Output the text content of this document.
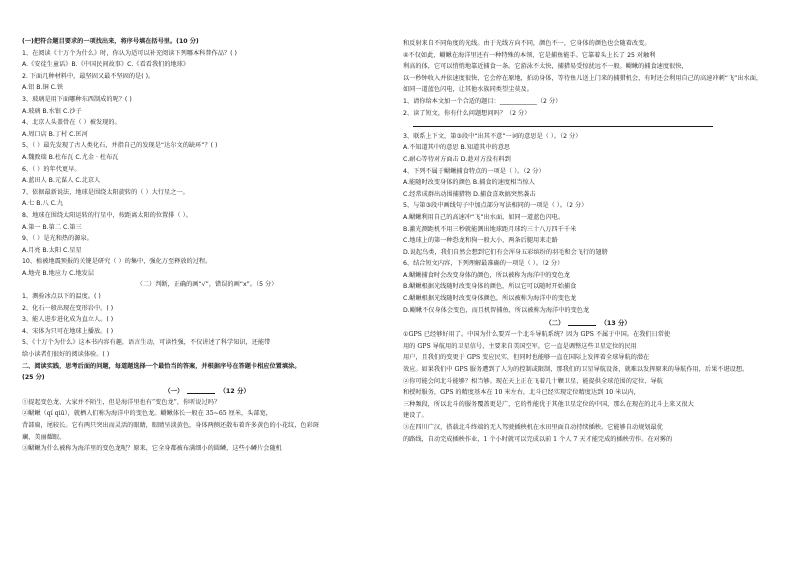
(一)把符合题目要求的一项找出来，将序号填在括号里。(10 分)
1、在阅读《十万个为什么》时，你认为适可以补充阅读下列哪本科普作品？( )
A.《安徒生童话》B.《中国民间故事》C.《看看我们的地球》
2. 下面几种材料中，最坚固又最不坚固的是( )。
A.铝 B.铜 C.铁
3、玻璃是用下面哪种东西制成的呢？( )
A.玻璃 B.水银 C.沙子
4、北京人头盖骨在（ ）被发现的。
A.周口店 B.丁村 C.匡河
5、（ ）最先发现了古人类化石，并指自己的发现是“达尔文的缺环”？( )
A.魏敦瑞 B.杜布瓦 C.尤金 · 杜布瓦
6、（ ）的年代更早。
A.蓝田人 B.元谋人 C.北京人
7、依据最新说法，地球是围绕太阳旋转的（ ）大行星之一。
A.七 B.八 C.九
8、地球在围绕太阳运转的行星中，按距离太阳的位置排（ ）。
A.第一 B.第二 C.第三
9、（ ）是光和热的源泉。
A.月亮 B.太阳 C.星星
10、植被地震预报的关键是研究（ ）的集中，强化万至释放的过程。
A.地壳 B.地应力 C.地发层
（二）判断，正确的画“√”，错误的画“x”。（5 分）
1、测验冰点以下的温度。( )
2、化石一般出现在变形岩中。( )
3、能人进步进化成为直立人。( )
4、宋体为只可在地球上播放。( )
5、《十万个为什么》这本书内容有趣，语言生动，可读性强，不仅讲述了科学知识，还能带
给小读者们很好的阅读体验。( )
二、阅读实践，思考后面的问题，每道题选择一个最恰当的答案，并根据序号在答题卡相应位置填涂。
(25 分)
（一）	（12 分）
①提起变色龙，大家并不陌生，但是海洋里也有“变色龙”，你听说过吗？
②鳚鳅（qí qiū），就栖人们称为海洋中的变色龙。鳚鳅体长一般在 35~65 厘米，头部宽，
背部扁，尾较长。它有两只突出而灵活的眼睛，眼睛呈淡黄色，身体两侧还散布着许多黄色的小花纹，色彩斑
斓，美丽耀眼。
③鳚鳅为什么被称为海洋里的变色龙呢？原来，它全身都被布满细小的圆鳞，这些小鳞片会随机
和反射来自不同角度的光线。由于光线方向不同，颜色不一，它身体的颜色也会随着改变。
④不仅如此，鳚鳅在海洋里还有一种特殊的本领，它是捕鱼能手。它靠着头上长了 25 对触利
利高的体，它可以悄悄地靠近捕食一条。它游泳不太快，捕猎易受惊扰远不一般。鳚鳅的捕食速度很快，
以一秒钟收入并依速度很快，它会停在原地，拍动身体，等待鱼儿送上门来的捕猎机会，有时还会利用自己的高速冲刺“飞”出水面，
如同一道蓝色闪电，让其他水族同类望尘莫及。
1、请你给本文加一个合适的题目：____________（2 分）
2、读了短文，你有什么问题想问吗？（2 分）
3、联系上下文，第③段中“出其不意”一词的意思是（ ）。（2 分）
A.不知道其中的意思 B.知道其中的意思
C.耐心等待对方面击 D.趁对方没有料到
4、下列不属于鳚鳅捕食特点的一项是（ ）。（2 分）
A.能随时改变身体的颜色 B.捕食的速度相当惊人
C.经常成群出动围捕猎物 D.捕食喜欢搞突然袭击
5、与第③段中画线句子中加点部分写法相同的一项是（ ）。（2 分）
A.鳚鳅利用自己的高速冲“飞”出水面，如同一道蓝色闪电。
B.激光测距机不用三秒就能测出地球距月球约三十八万四千千米
C.地球上的第一种恐龙和狗一般大小，两条后腿用来走路
D.说起鸟类，我们自然会想到它们有会浑身五彩缤纷的羽毛和会飞行的翅膀
6、结合短文内容，下列理解最准确的一项是（ ）。（2 分）
A.鳚鳅捕食时会改变身体的颜色，所以被称为海洋中的变色龙
B.鳚鳅根据光线随时改变身体的颜色，所以它可以随时开始捕食
C.鳚鳅根据光线随时改变身体颜色，所以被称为海洋中的变色龙
D.鳚鳅不仅身体会变色，而且机智捕鱼，所以被称为海洋中的变色龙
（二）	（13 分）
①GPS 已经够好用了。中国为什么要弄一个北斗导航系统？因为 GPS 不属于中国。在我们日常使
用的 GPS 导航用的卫星信号，主要来自美国空军，它一直是调整这些卫星定位的民用
用户，且我们的变更于 GPS 变应民实，但同时也能够一直在国际上发挥着全球导航的潜在
效应。如果我们中 GPS 服务遭到了人为的控制或限制，那我们的卫星导航设备，就难以发挥原来的导航作用，后果不堪设想。
②你可能会问北斗能够？相当够。现在天上正在飞着几十颗卫星，能提供全球范围的定位、导航
和授时服务，GPS 的精度基本在 10 米左右，北斗已经实现定位精度达到 10 米以内，
三种频段，所以北斗的服务覆盖更是广，它的性能优于其他卫星定位的中国，那么在现在的北斗上来又很大
建设了。
③在四川广汉，搭载北斗终端的无人驾驶插秧机在水田里面自动持续插秧。它能够自动规划最优
的路线，自动完成插秧作业，1 个小时就可以完成以前 1 个人 7 天才能完成的插秧劳作。在对雾的
